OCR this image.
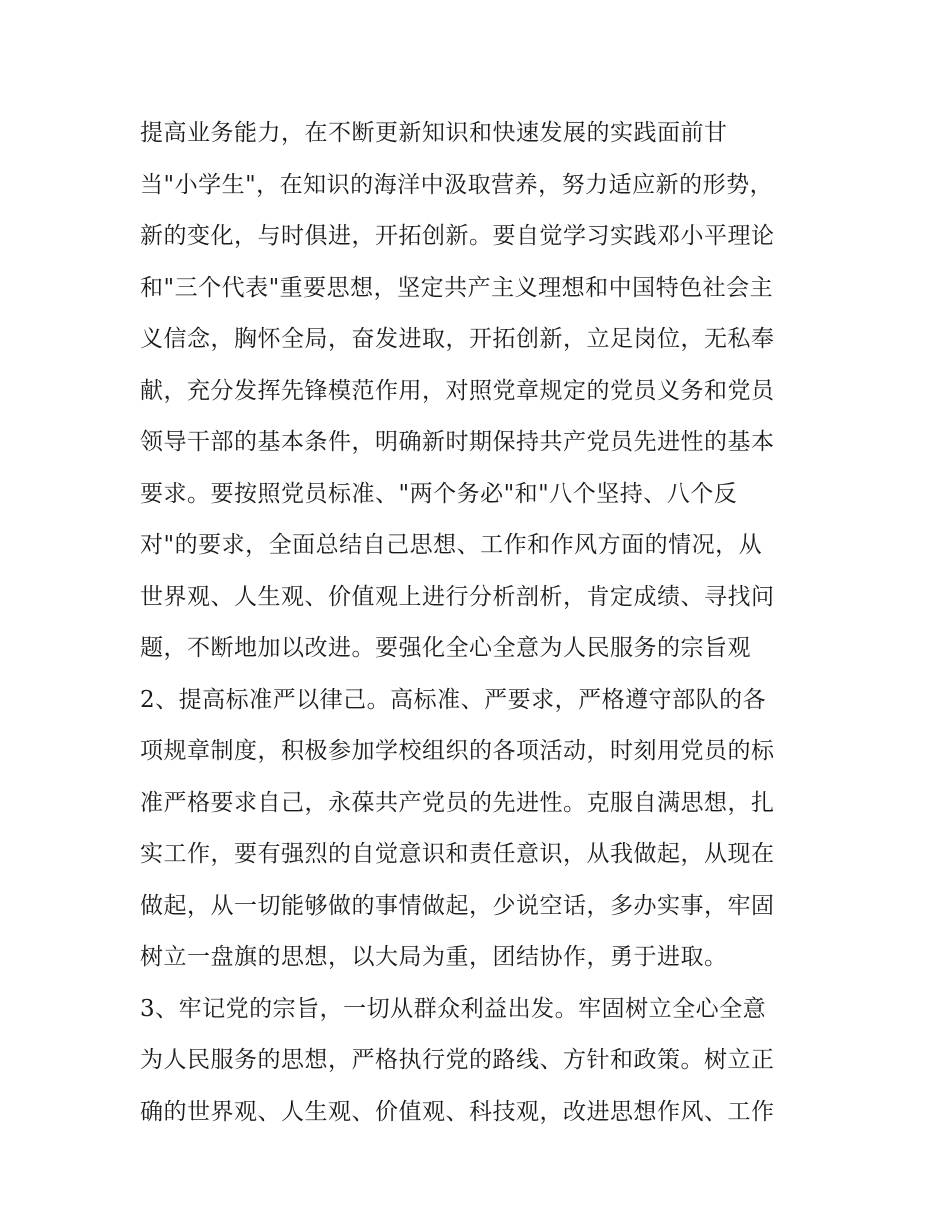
提高业务能力，在不断更新知识和快速发展的实践面前甘
当"小学生"，在知识的海洋中汲取营养，努力适应新的形势，
新的变化，与时俱进，开拓创新。要自觉学习实践邓小平理论
和"三个代表"重要思想，坚定共产主义理想和中国特色社会主
义信念，胸怀全局，奋发进取，开拓创新，立足岗位，无私奉
献，充分发挥先锋模范作用，对照党章规定的党员义务和党员
领导干部的基本条件，明确新时期保持共产党员先进性的基本
要求。要按照党员标准、"两个务必"和"八个坚持、八个反
对"的要求，全面总结自己思想、工作和作风方面的情况，从
世界观、人生观、价值观上进行分析剖析，肯定成绩、寻找问
题，不断地加以改进。要强化全心全意为人民服务的宗旨观
2、提高标准严以律己。高标准、严要求，严格遵守部队的各
项规章制度，积极参加学校组织的各项活动，时刻用党员的标
准严格要求自己，永葆共产党员的先进性。克服自满思想，扎
实工作，要有强烈的自觉意识和责任意识，从我做起，从现在
做起，从一切能够做的事情做起，少说空话，多办实事，牢固
树立一盘旗的思想，以大局为重，团结协作，勇于进取。
3、牢记党的宗旨，一切从群众利益出发。牢固树立全心全意
为人民服务的思想，严格执行党的路线、方针和政策。树立正
确的世界观、人生观、价值观、科技观，改进思想作风、工作
